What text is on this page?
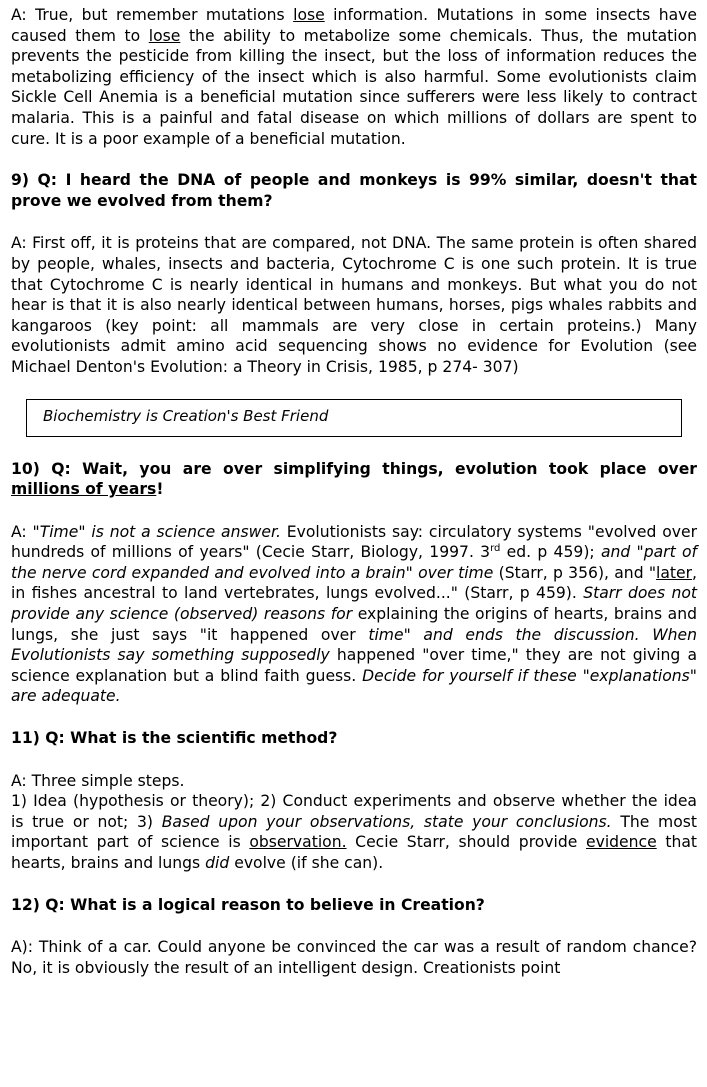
A: True, but remember mutations lose information. Mutations in some insects have caused them to lose the ability to metabolize some chemicals. Thus, the mutation prevents the pesticide from killing the insect, but the loss of information reduces the metabolizing efficiency of the insect which is also harmful. Some evolutionists claim Sickle Cell Anemia is a beneficial mutation since sufferers were less likely to contract malaria. This is a painful and fatal disease on which millions of dollars are spent to cure. It is a poor example of a beneficial mutation.

9) Q: I heard the DNA of people and monkeys is 99% similar, doesn't that prove we evolved from them?

A: First off, it is proteins that are compared, not DNA. The same protein is often shared by people, whales, insects and bacteria, Cytochrome C is one such protein. It is true that Cytochrome C is nearly identical in humans and monkeys. But what you do not hear is that it is also nearly identical between humans, horses, pigs whales rabbits and kangaroos (key point: all mammals are very close in certain proteins.) Many evolutionists admit amino acid sequencing shows no evidence for Evolution (see Michael Denton's Evolution: a Theory in Crisis, 1985, p 274- 307)

Biochemistry is Creation's Best Friend

10) Q: Wait, you are over simplifying things, evolution took place over millions of years!

A: "Time" is not a science answer. Evolutionists say: circulatory systems "evolved over hundreds of millions of years" (Cecie Starr, Biology, 1997. 3rd ed. p 459); and "part of the nerve cord expanded and evolved into a brain" over time (Starr, p 356), and "later, in fishes ancestral to land vertebrates, lungs evolved..." (Starr, p 459). Starr does not provide any science (observed) reasons for explaining the origins of hearts, brains and lungs, she just says "it happened over time" and ends the discussion. When Evolutionists say something supposedly happened "over time," they are not giving a science explanation but a blind faith guess. Decide for yourself if these "explanations" are adequate.

11) Q: What is the scientific method?

A: Three simple steps.

1) Idea (hypothesis or theory); 2) Conduct experiments and observe whether the idea is true or not; 3) Based upon your observations, state your conclusions. The most important part of science is observation. Cecie Starr, should provide evidence that hearts, brains and lungs did evolve (if she can).

12) Q: What is a logical reason to believe in Creation?

A): Think of a car. Could anyone be convinced the car was a result of random chance? No, it is obviously the result of an intelligent design. Creationists point
